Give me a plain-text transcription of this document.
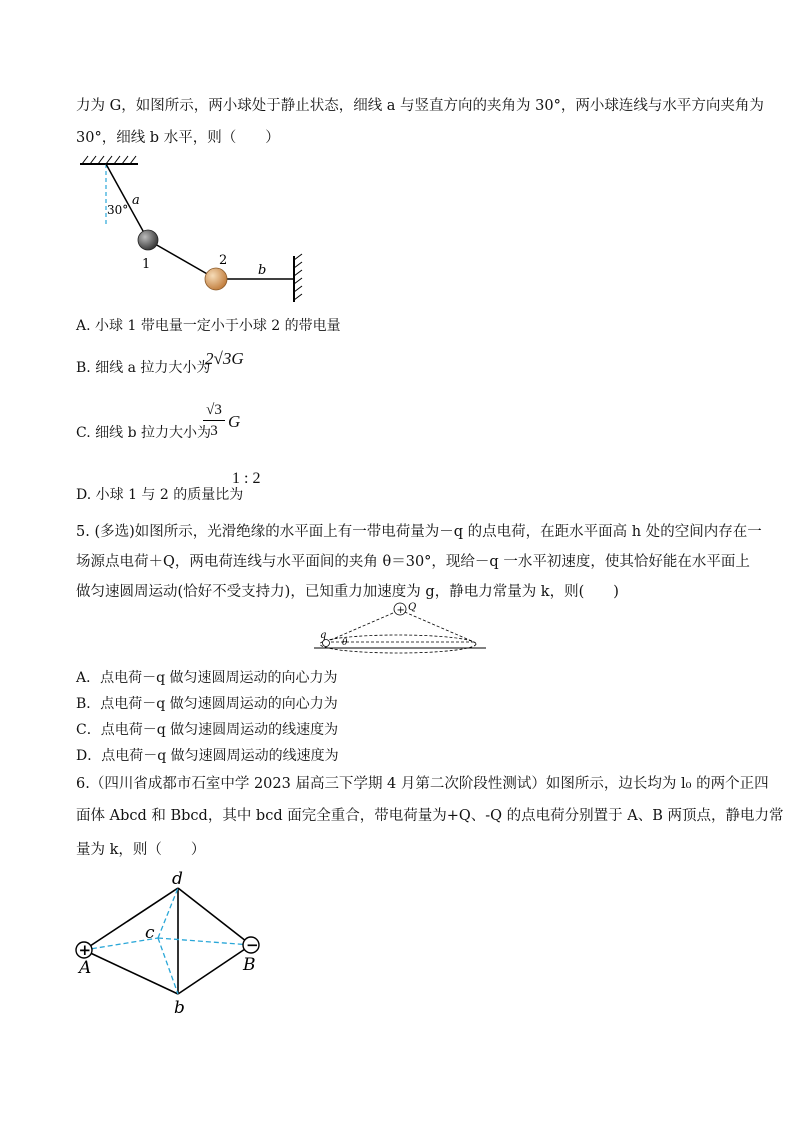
力为 G，如图所示，两小球处于静止状态，细线 a 与竖直方向的夹角为 30°，两小球连线与水平方向夹角为
30°，细线 b 水平，则（　　）
30°
a
1	2
b
A. 小球 1 带电量一定小于小球 2 的带电量
B. 细线 a 拉力大小为
2√3G
C. 细线 b 拉力大小为
$\frac{√3}{3}$ G
D. 小球 1 与 2 的质量比为
1 : 2
5. (多选)如图所示，光滑绝缘的水平面上有一带电荷量为－q 的点电荷，在距水平面高 h 处的空间内存在一
场源点电荷＋Q，两电荷连线与水平面间的夹角 θ＝30°，现给－q 一水平初速度，使其恰好能在水平面上
做匀速圆周运动(恰好不受支持力)，已知重力加速度为 g，静电力常量为 k，则(　　)
+ Q
q
θ
A．点电荷－q 做匀速圆周运动的向心力为
B．点电荷－q 做匀速圆周运动的向心力为
C．点电荷－q 做匀速圆周运动的线速度为
D．点电荷－q 做匀速圆周运动的线速度为
6.（四川省成都市石室中学 2023 届高三下学期 4 月第二次阶段性测试）如图所示，边长均为 l₀ 的两个正四
面体 Abcd 和 Bbcd，其中 bcd 面完全重合，带电荷量为+Q、-Q 的点电荷分别置于 A、B 两顶点，静电力常
量为 k，则（　　）
+	−
A	B
b
c
d
